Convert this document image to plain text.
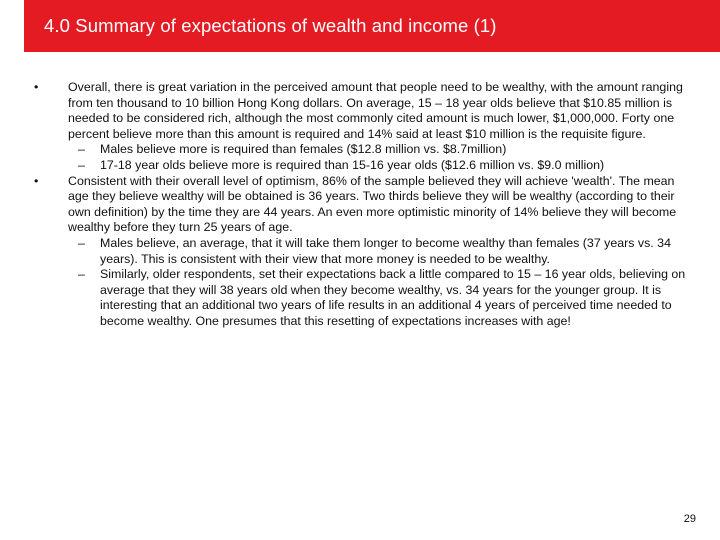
4.0 Summary of expectations of wealth and income (1)
• Overall, there is great variation in the perceived amount that people need to be wealthy, with the amount ranging from ten thousand to 10 billion Hong Kong dollars. On average, 15 – 18 year olds believe that $10.85 million is needed to be considered rich, although the most commonly cited amount is much lower, $1,000,000. Forty one percent believe more than this amount is required and 14% said at least $10 million is the requisite figure.
– Males believe more is required than females ($12.8 million vs. $8.7million)
– 17-18 year olds believe more is required than 15-16 year olds ($12.6 million vs. $9.0 million)
• Consistent with their overall level of optimism, 86% of the sample believed they will achieve 'wealth'. The mean age they believe wealthy will be obtained is 36 years. Two thirds believe they will be wealthy (according to their own definition) by the time they are 44 years. An even more optimistic minority of 14% believe they will become wealthy before they turn 25 years of age.
– Males believe, an average, that it will take them longer to become wealthy than females (37 years vs. 34 years). This is consistent with their view that more money is needed to be wealthy.
– Similarly, older respondents, set their expectations back a little compared to 15 – 16 year olds, believing on average that they will 38 years old when they become wealthy, vs. 34 years for the younger group. It is interesting that an additional two years of life results in an additional 4 years of perceived time needed to become wealthy. One presumes that this resetting of expectations increases with age!
29
